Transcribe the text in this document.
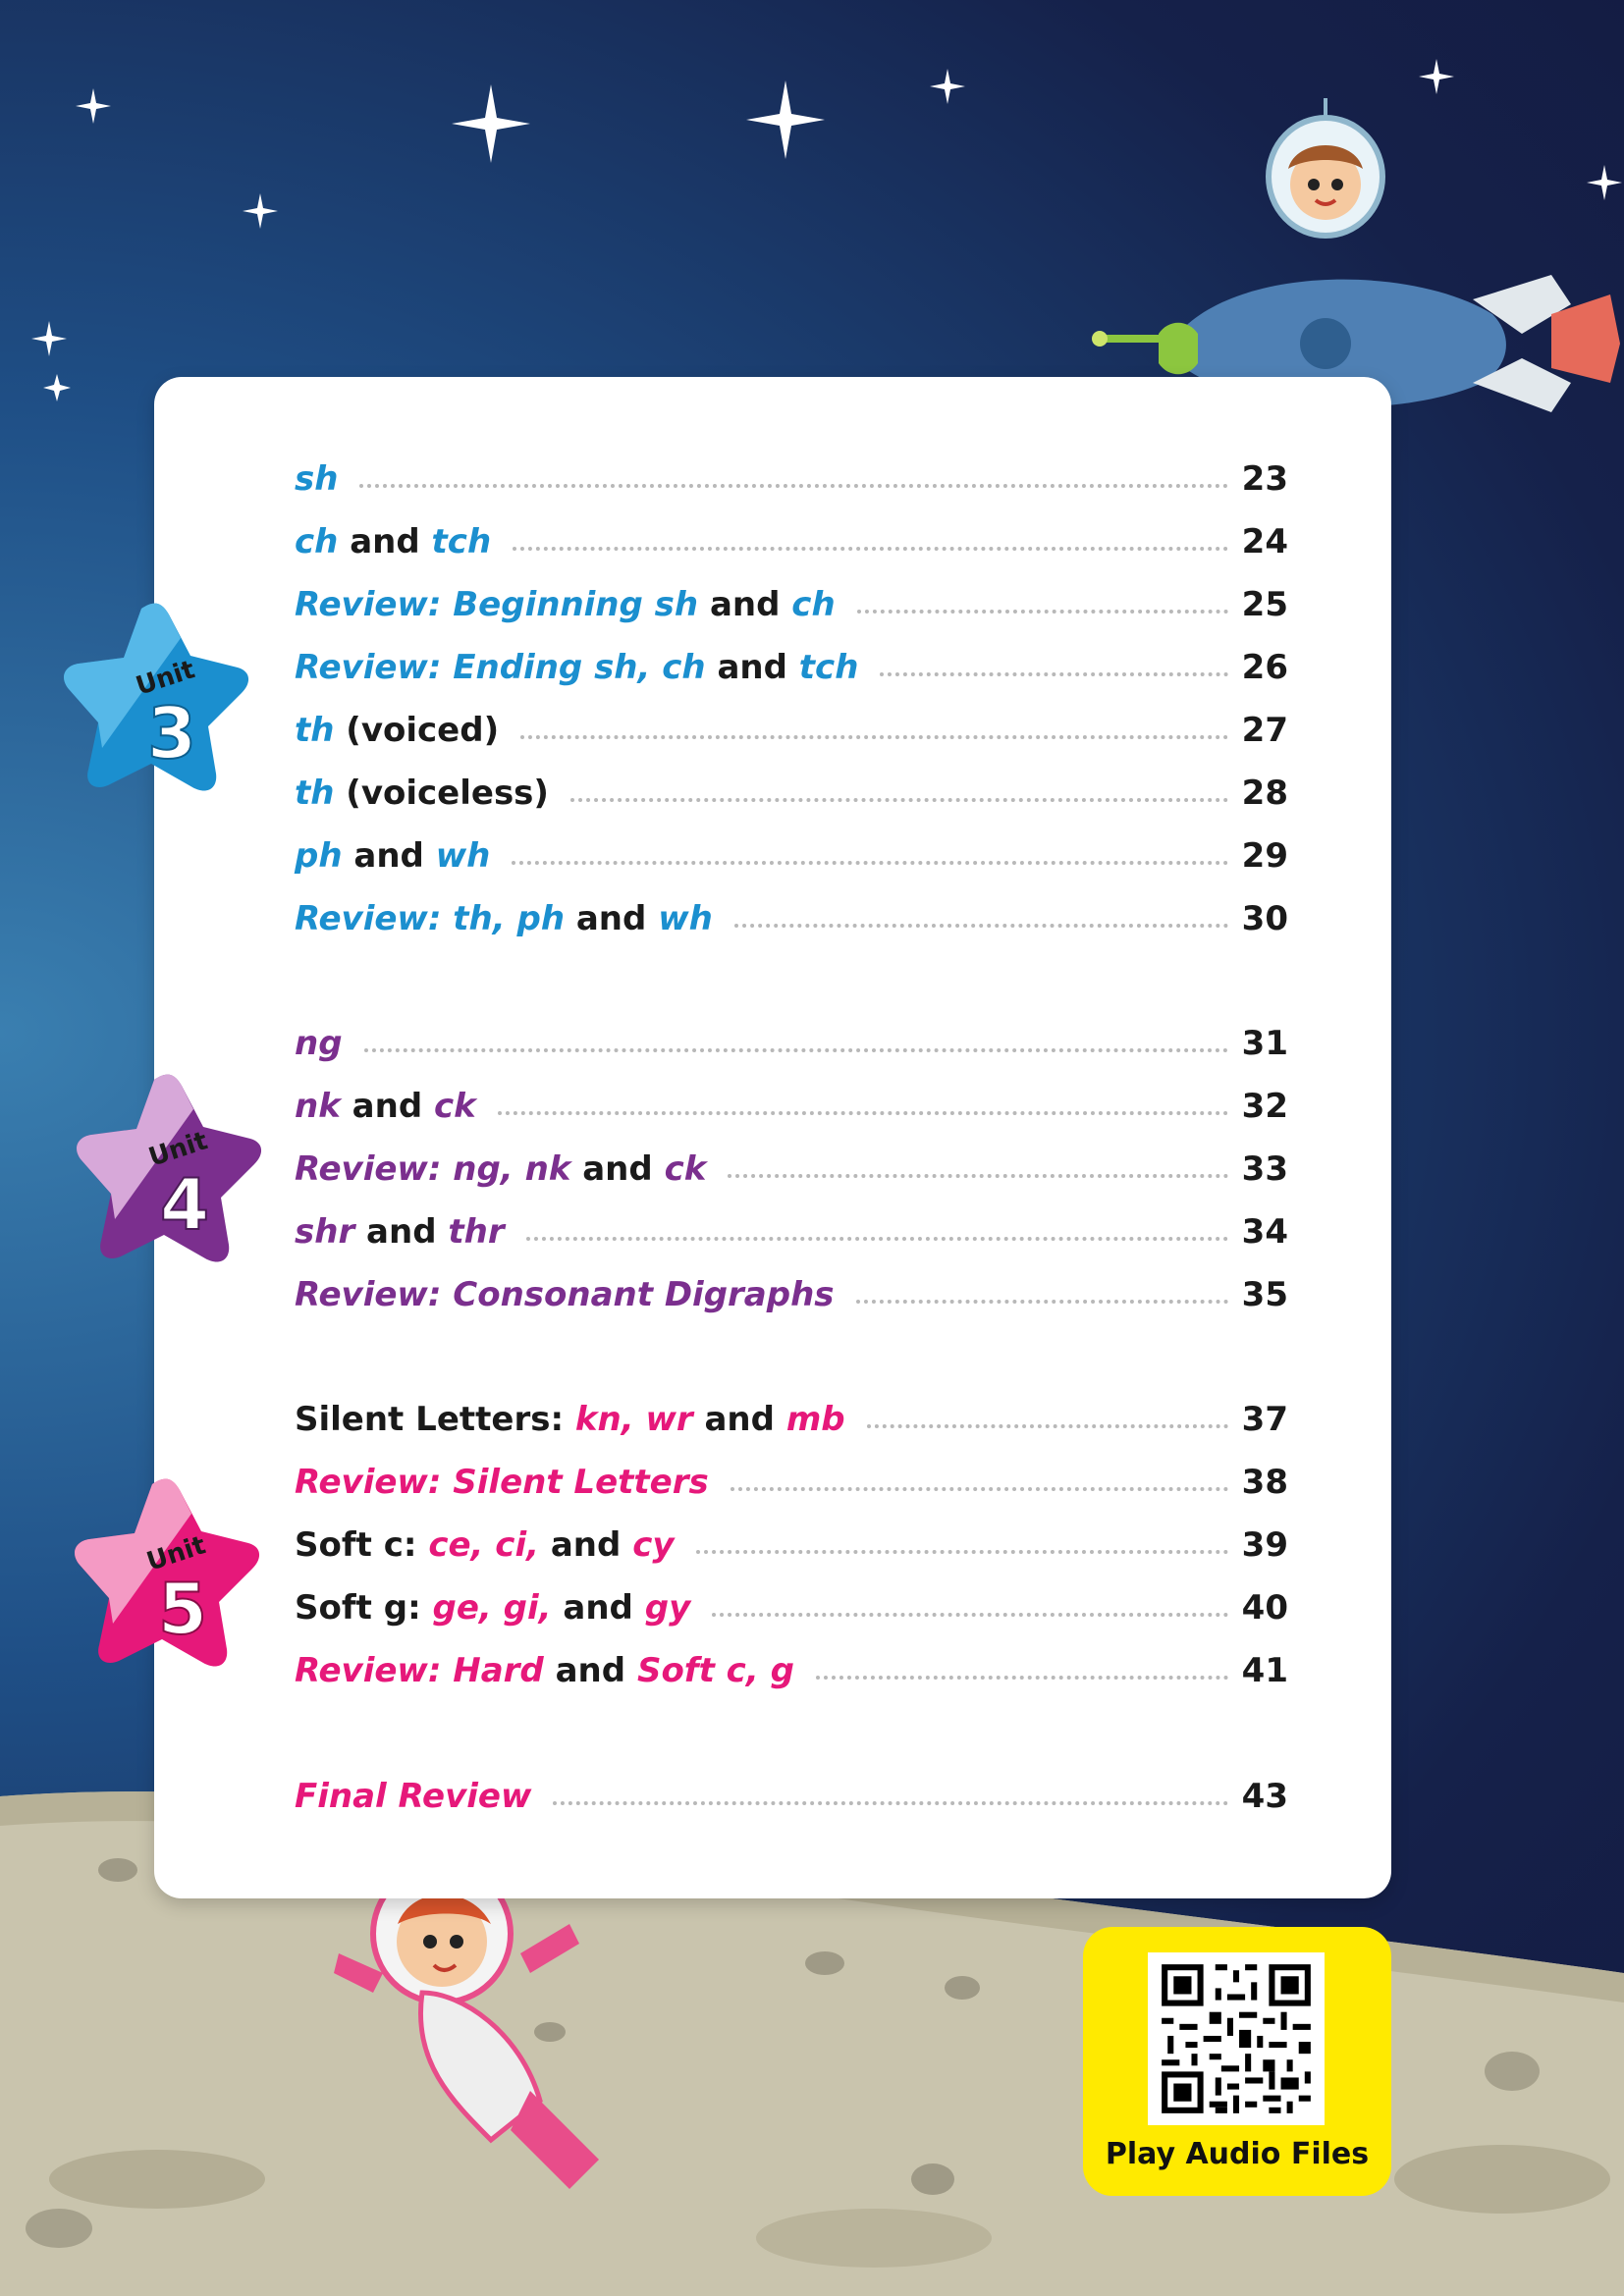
Unit
3
Unit
4
Unit
5
sh	23
ch and tch	24
Review: Beginning sh and ch	25
Review: Ending sh, ch and tch	26
th (voiced)	27
th (voiceless)	28
ph and wh	29
Review: th, ph and wh	30
ng	31
nk and ck	32
Review: ng, nk and ck	33
shr and thr	34
Review: Consonant Digraphs	35
Silent Letters: kn, wr and mb	37
Review: Silent Letters	38
Soft c: ce, ci, and cy	39
Soft g: ge, gi, and gy	40
Review: Hard and Soft c, g	41
Final Review	43
Play Audio Files
